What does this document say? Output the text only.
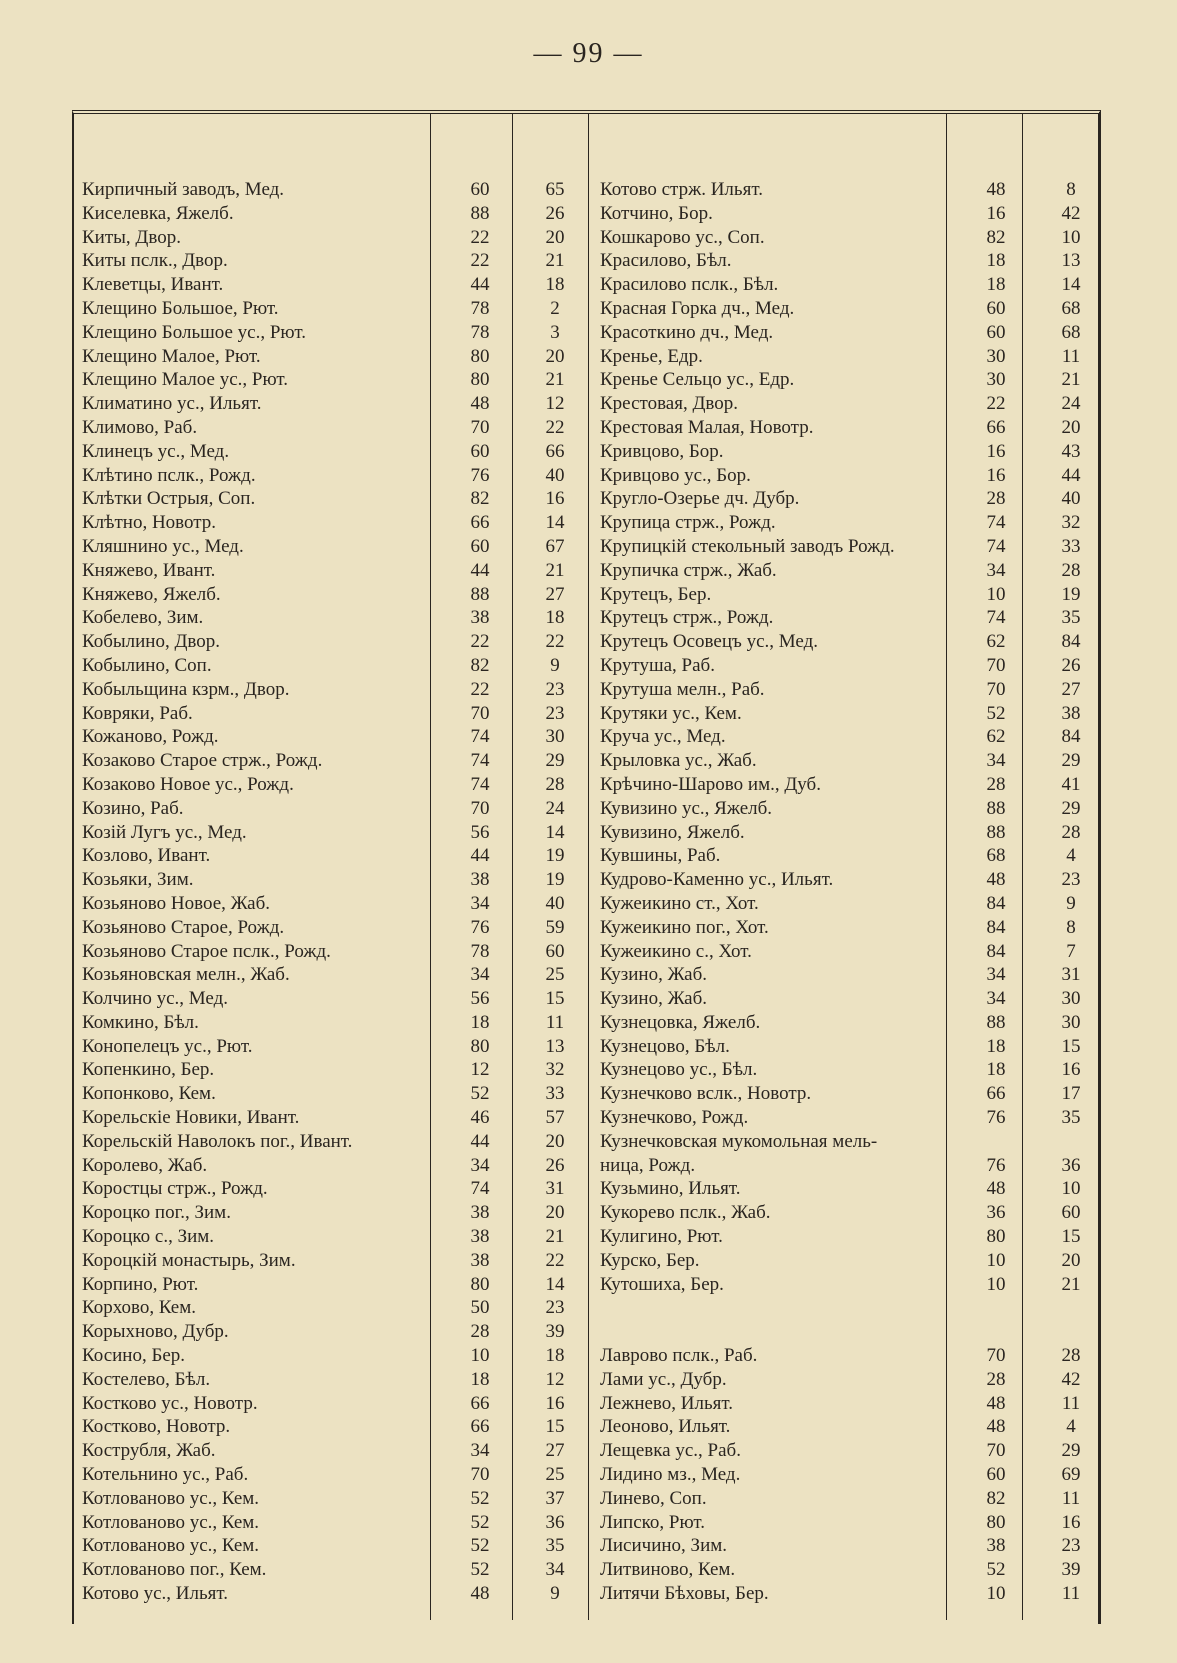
— 99 —
Кирпичный заводъ, Мед.
Киселевка, Яжелб.
Киты, Двор.
Киты пслк., Двор.
Клеветцы, Ивант.
Клещино Большое, Рют.
Клещино Большое ус., Рют.
Клещино Малое, Рют.
Клещино Малое ус., Рют.
Климатино ус., Ильят.
Климово, Раб.
Клинецъ ус., Мед.
Клѣтино пслк., Рожд.
Клѣтки Острыя, Соп.
Клѣтно, Новотр.
Кляшнино ус., Мед.
Княжево, Ивант.
Княжево, Яжелб.
Кобелево, Зим.
Кобылино, Двор.
Кобылино, Соп.
Кобыльщина кзрм., Двор.
Ковряки, Раб.
Кожаново, Рожд.
Козаково Старое стрж., Рожд.
Козаково Новое ус., Рожд.
Козино, Раб.
Козій Лугъ ус., Мед.
Козлово, Ивант.
Козьяки, Зим.
Козьяново Новое, Жаб.
Козьяново Старое, Рожд.
Козьяново Старое пслк., Рожд.
Козьяновская мелн., Жаб.
Колчино ус., Мед.
Комкино, Бѣл.
Конопелецъ ус., Рют.
Копенкино, Бер.
Копонково, Кем.
Корельскіе Новики, Ивант.
Корельскій Наволокъ пог., Ивант.
Королево, Жаб.
Коростцы стрж., Рожд.
Короцко пог., Зим.
Короцко с., Зим.
Короцкій монастырь, Зим.
Корпино, Рют.
Корхово, Кем.
Корыхново, Дубр.
Косино, Бер.
Костелево, Бѣл.
Костково ус., Новотр.
Костково, Новотр.
Кострубля, Жаб.
Котельнино ус., Раб.
Котлованово ус., Кем.
Котлованово ус., Кем.
Котлованово ус., Кем.
Котлованово пог., Кем.
Котово ус., Ильят.
60
88
22
22
44
78
78
80
80
48
70
60
76
82
66
60
44
88
38
22
82
22
70
74
74
74
70
56
44
38
34
76
78
34
56
18
80
12
52
46
44
34
74
38
38
38
80
50
28
10
18
66
66
34
70
52
52
52
52
48
65
26
20
21
18
2
3
20
21
12
22
66
40
16
14
67
21
27
18
22
9
23
23
30
29
28
24
14
19
19
40
59
60
25
15
11
13
32
33
57
20
26
31
20
21
22
14
23
39
18
12
16
15
27
25
37
36
35
34
9
Котово стрж. Ильят.
Котчино, Бор.
Кошкарово ус., Соп.
Красилово, Бѣл.
Красилово пслк., Бѣл.
Красная Горка дч., Мед.
Красоткино дч., Мед.
Кренье, Едр.
Кренье Сельцо ус., Едр.
Крестовая, Двор.
Крестовая Малая, Новотр.
Кривцово, Бор.
Кривцово ус., Бор.
Кругло-Озерье дч. Дубр.
Крупица стрж., Рожд.
Крупицкій стекольный заводъ Рожд.
Крупичка стрж., Жаб.
Крутецъ, Бер.
Крутецъ стрж., Рожд.
Крутецъ Осовецъ ус., Мед.
Крутуша, Раб.
Крутуша мелн., Раб.
Крутяки ус., Кем.
Круча ус., Мед.
Крыловка ус., Жаб.
Крѣчино-Шарово им., Дуб.
Кувизино ус., Яжелб.
Кувизино, Яжелб.
Кувшины, Раб.
Кудрово-Каменно ус., Ильят.
Кужеикино ст., Хот.
Кужеикино пог., Хот.
Кужеикино с., Хот.
Кузино, Жаб.
Кузино, Жаб.
Кузнецовка, Яжелб.
Кузнецово, Бѣл.
Кузнецово ус., Бѣл.
Кузнечково вслк., Новотр.
Кузнечково, Рожд.
Кузнечковская мукомольная мель-
ница, Рожд.
Кузьмино, Ильят.
Кукорево пслк., Жаб.
Кулигино, Рют.
Курско, Бер.
Кутошиха, Бер.
Лаврово пслк., Раб.
Лами ус., Дубр.
Лежнево, Ильят.
Леоново, Ильят.
Лещевка ус., Раб.
Лидино мз., Мед.
Линево, Соп.
Липско, Рют.
Лисичино, Зим.
Литвиново, Кем.
Литячи Бѣховы, Бер.
48
16
82
18
18
60
60
30
30
22
66
16
16
28
74
74
34
10
74
62
70
70
52
62
34
28
88
88
68
48
84
84
84
34
34
88
18
18
66
76
76
48
36
80
10
10
70
28
48
48
70
60
82
80
38
52
10
8
42
10
13
14
68
68
11
21
24
20
43
44
40
32
33
28
19
35
84
26
27
38
84
29
41
29
28
4
23
9
8
7
31
30
30
15
16
17
35
36
10
60
15
20
21
28
42
11
4
29
69
11
16
23
39
11
